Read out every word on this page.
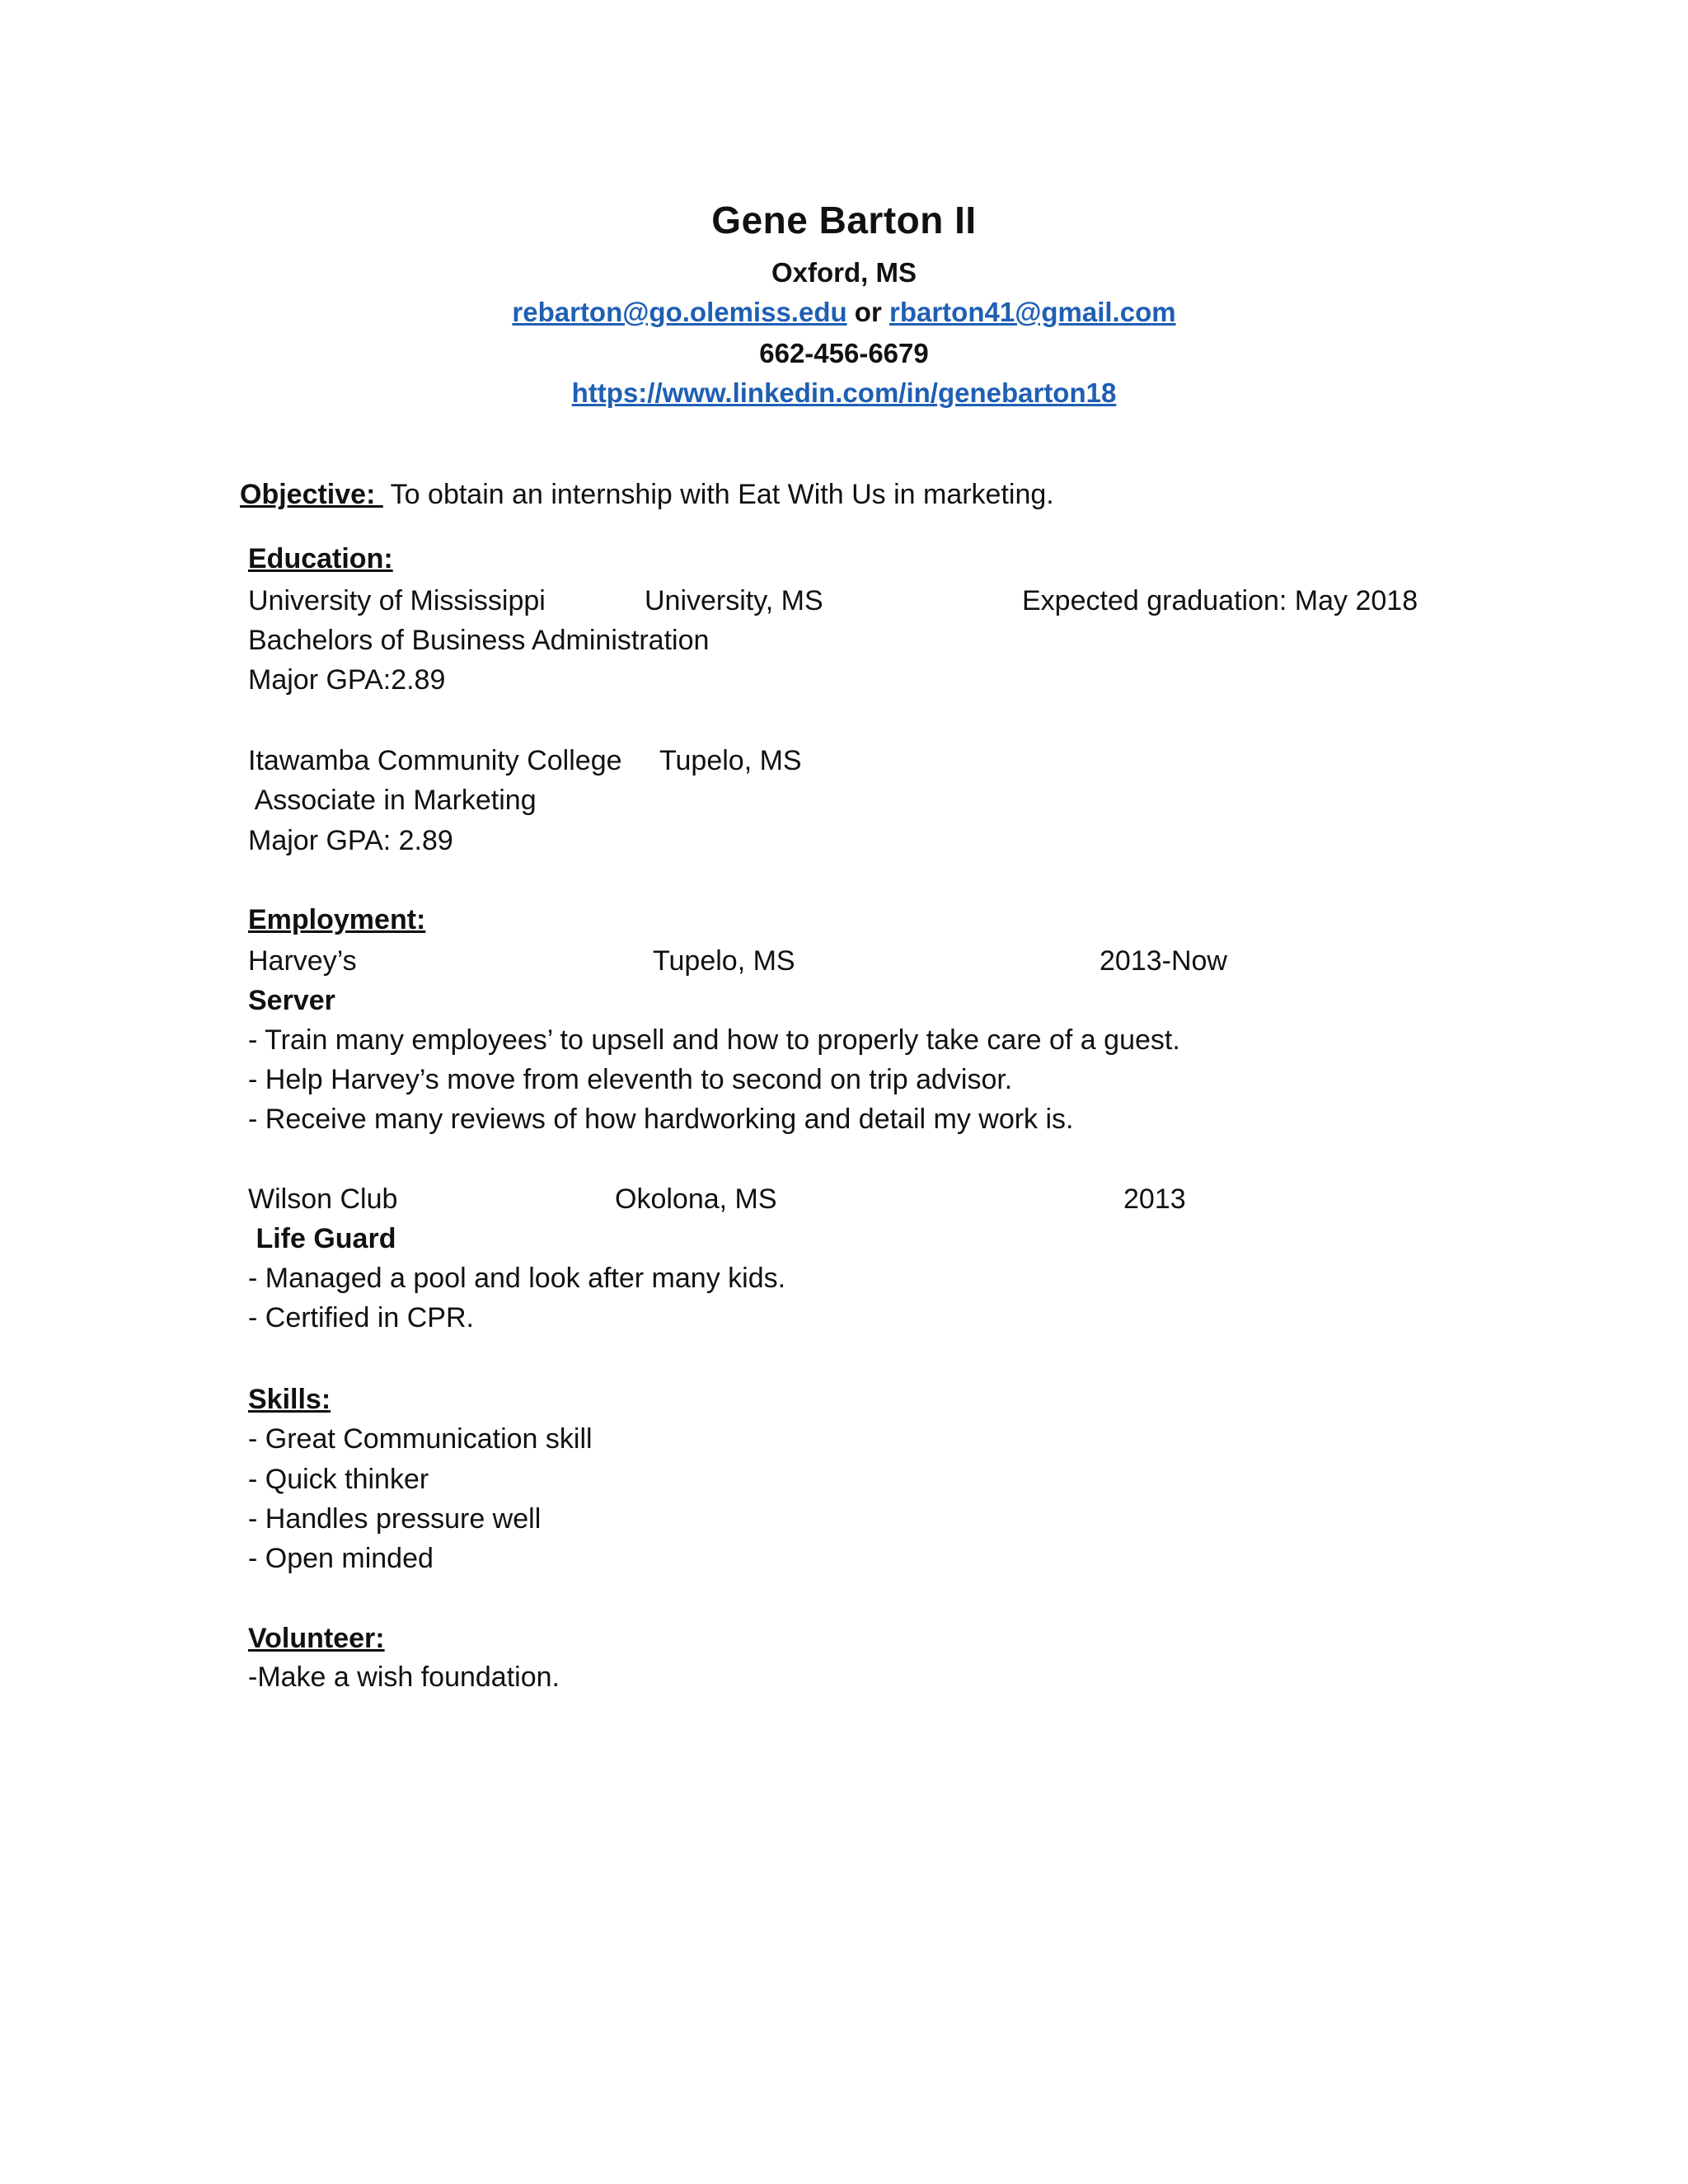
Gene Barton II
Oxford, MS
rebarton@go.olemiss.edu or rbarton41@gmail.com
662-456-6679
https://www.linkedin.com/in/genebarton18
Objective:  To obtain an internship with Eat With Us in marketing.
Education:
University of Mississippi	University, MS	Expected graduation: May 2018
Bachelors of Business Administration
Major GPA:2.89
Itawamba Community College Tupelo, MS
Associate in Marketing
Major GPA: 2.89
Employment:
Harvey’s	Tupelo, MS	2013-Now
Server
- Train many employees’ to upsell and how to properly take care of a guest.
- Help Harvey’s move from eleventh to second on trip advisor.
- Receive many reviews of how hardworking and detail my work is.
Wilson Club	Okolona, MS	2013
Life Guard
- Managed a pool and look after many kids.
- Certified in CPR.
Skills:
- Great Communication skill
- Quick thinker
- Handles pressure well
- Open minded
Volunteer:
-Make a wish foundation.
